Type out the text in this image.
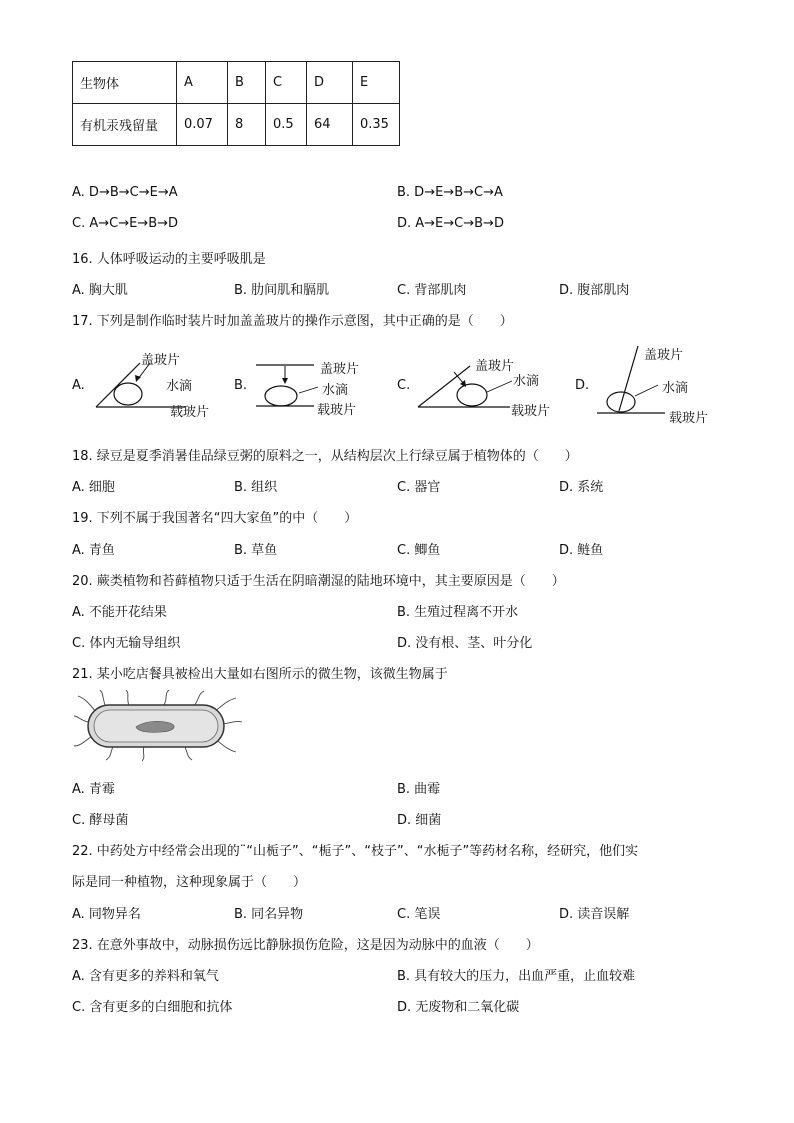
生物体	A	B	C	D	E
有机汞残留量	0.07	8	0.5	64	0.35
A. D→B→C→E→A	B. D→E→B→C→A
C. A→C→E→B→D	D. A→E→C→B→D
16. 人体呼吸运动的主要呼吸肌是
A. 胸大肌	B. 肋间肌和膈肌	C. 背部肌肉	D. 腹部肌肉
17. 下列是制作临时装片时加盖盖玻片的操作示意图，其中正确的是（　　）
A.
盖玻片
水滴
载玻片
B.
盖玻片
水滴
载玻片
C.
盖玻片
水滴
载玻片
D.
盖玻片
水滴
载玻片
18. 绿豆是夏季消暑佳品绿豆粥的原料之一，从结构层次上行绿豆属于植物体的（　　）
A. 细胞	B. 组织	C. 器官	D. 系统
19. 下列不属于我国著名“四大家鱼”的中（　　）
A. 青鱼	B. 草鱼	C. 鲫鱼	D. 鲢鱼
20. 蕨类植物和苔藓植物只适于生活在阴暗潮湿的陆地环境中，其主要原因是（　　）
A. 不能开花结果	B. 生殖过程离不开水
C. 体内无输导组织	D. 没有根、茎、叶分化
21. 某小吃店餐具被检出大量如右图所示的微生物，该微生物属于
A. 青霉	B. 曲霉
C. 酵母菌	D. 细菌
22. 中药处方中经常会出现的¨“山栀子”、“栀子”、“枝子”、“水栀子”等药材名称，经研究，他们实
际是同一种植物，这种现象属于（　　）
A. 同物异名	B. 同名异物	C. 笔误	D. 读音误解
23. 在意外事故中，动脉损伤远比静脉损伤危险，这是因为动脉中的血液（　　）
A. 含有更多的养料和氧气	B. 具有较大的压力，出血严重，止血较难
C. 含有更多的白细胞和抗体	D. 无废物和二氧化碳
